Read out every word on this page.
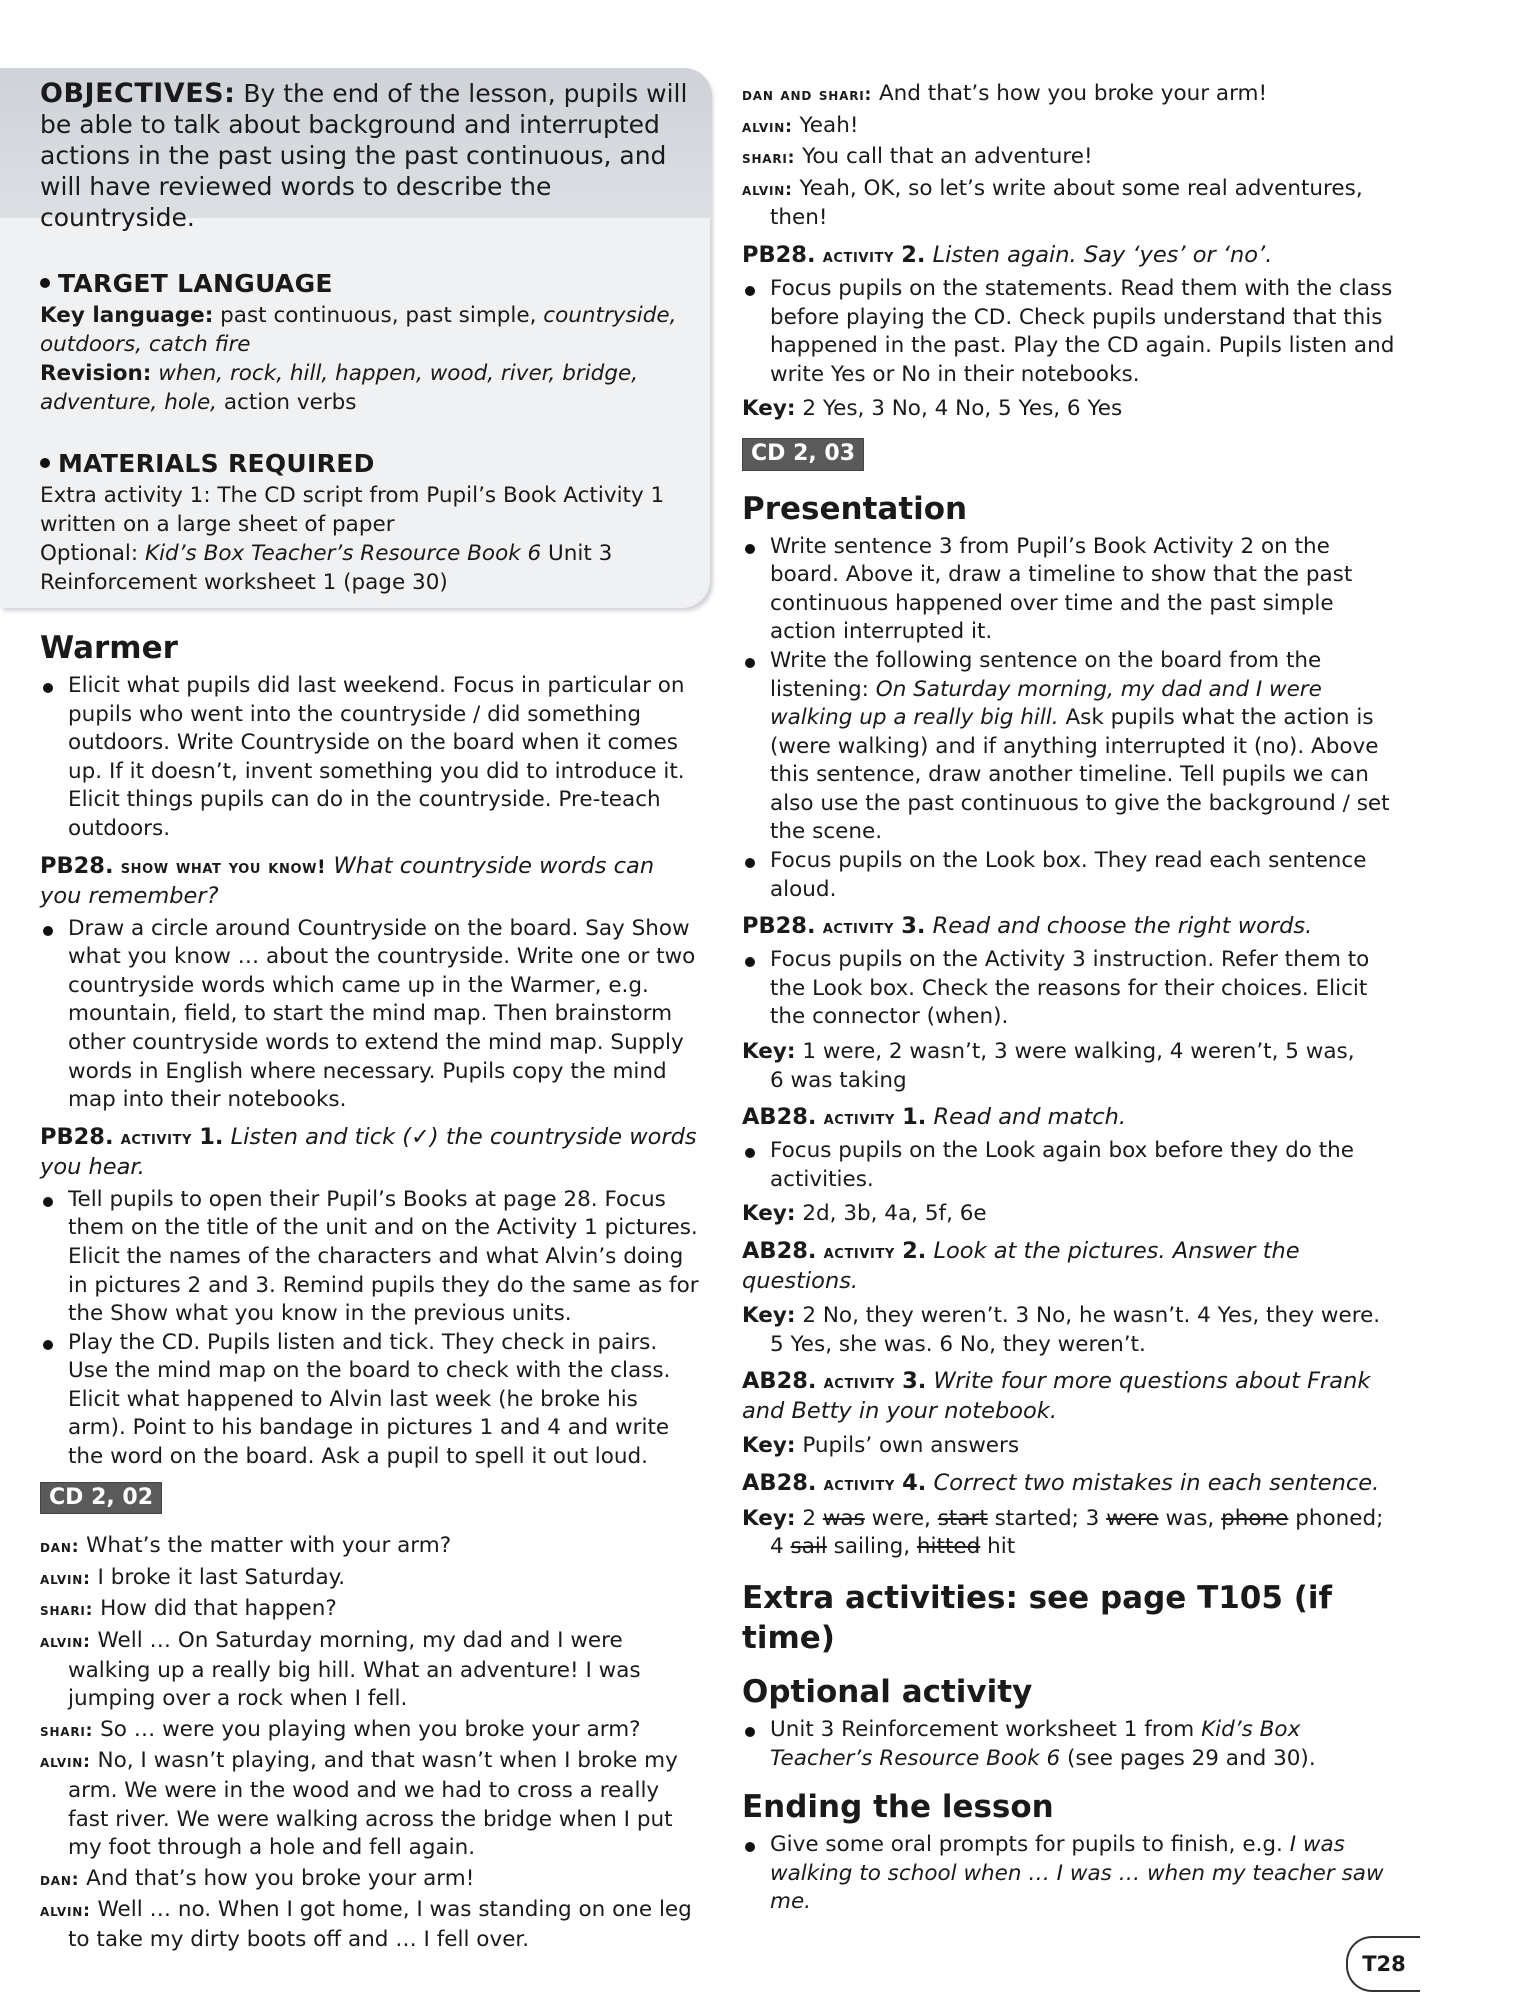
OBJECTIVES: By the end of the lesson, pupils will be able to talk about background and interrupted actions in the past using the past continuous, and will have reviewed words to describe the countryside.

TARGET LANGUAGE

Key language: past continuous, past simple, countryside, outdoors, catch fire

Revision: when, rock, hill, happen, wood, river, bridge, adventure, hole, action verbs

MATERIALS REQUIRED

Extra activity 1: The CD script from Pupil’s Book Activity 1 written on a large sheet of paper

Optional: Kid’s Box Teacher’s Resource Book 6 Unit 3 Reinforcement worksheet 1 (page 30)

Warmer
Elicit what pupils did last weekend. Focus in particular on pupils who went into the countryside / did something outdoors. Write Countryside on the board when it comes up. If it doesn’t, invent something you did to introduce it. Elicit things pupils can do in the countryside. Pre-teach outdoors.

PB28. show what you know! What countryside words can you remember?

Draw a circle around Countryside on the board. Say Show what you know … about the countryside. Write one or two countryside words which came up in the Warmer, e.g. mountain, field, to start the mind map. Then brainstorm other countryside words to extend the mind map. Supply words in English where necessary. Pupils copy the mind map into their notebooks.

PB28. activity 1. Listen and tick (✓) the countryside words you hear.

Tell pupils to open their Pupil’s Books at page 28. Focus them on the title of the unit and on the Activity 1 pictures. Elicit the names of the characters and what Alvin’s doing in pictures 2 and 3. Remind pupils they do the same as for the Show what you know in the previous units.
Play the CD. Pupils listen and tick. They check in pairs. Use the mind map on the board to check with the class. Elicit what happened to Alvin last week (he broke his arm). Point to his bandage in pictures 1 and 4 and write the word on the board. Ask a pupil to spell it out loud.
CD 2, 02

dan: What’s the matter with your arm?

alvin: I broke it last Saturday.

shari: How did that happen?

alvin: Well … On Saturday morning, my dad and I were walking up a really big hill. What an adventure! I was jumping over a rock when I fell.

shari: So … were you playing when you broke your arm?

alvin: No, I wasn’t playing, and that wasn’t when I broke my arm. We were in the wood and we had to cross a really fast river. We were walking across the bridge when I put my foot through a hole and fell again.

dan: And that’s how you broke your arm!

alvin: Well … no. When I got home, I was standing on one leg to take my dirty boots off and … I fell over.

dan and shari: And that’s how you broke your arm!

alvin: Yeah!

shari: You call that an adventure!

alvin: Yeah, OK, so let’s write about some real adventures, then!

PB28. activity 2. Listen again. Say ‘yes’ or ‘no’.

Focus pupils on the statements. Read them with the class before playing the CD. Check pupils understand that this happened in the past. Play the CD again. Pupils listen and write Yes or No in their notebooks.

Key: 2 Yes, 3 No, 4 No, 5 Yes, 6 Yes

CD 2, 03
Presentation
Write sentence 3 from Pupil’s Book Activity 2 on the board. Above it, draw a timeline to show that the past continuous happened over time and the past simple action interrupted it.
Write the following sentence on the board from the listening: On Saturday morning, my dad and I were walking up a really big hill. Ask pupils what the action is (were walking) and if anything interrupted it (no). Above this sentence, draw another timeline. Tell pupils we can also use the past continuous to give the background / set the scene.
Focus pupils on the Look box. They read each sentence aloud.

PB28. activity 3. Read and choose the right words.

Focus pupils on the Activity 3 instruction. Refer them to the Look box. Check the reasons for their choices. Elicit the connector (when).

Key: 1 were, 2 wasn’t, 3 were walking, 4 weren’t, 5 was,
6 was taking

AB28. activity 1. Read and match.

Focus pupils on the Look again box before they do the activities.

Key: 2d, 3b, 4a, 5f, 6e

AB28. activity 2. Look at the pictures. Answer the questions.

Key: 2 No, they weren’t. 3 No, he wasn’t. 4 Yes, they were.
5 Yes, she was. 6 No, they weren’t.

AB28. activity 3. Write four more questions about Frank and Betty in your notebook.

Key: Pupils’ own answers

AB28. activity 4. Correct two mistakes in each sentence.

Key: 2 was were, start started; 3 were was, phone phoned;
4 sail sailing, hitted hit

Extra activities: see page T105 (if time)
Optional activity
Unit 3 Reinforcement worksheet 1 from Kid’s Box Teacher’s Resource Book 6 (see pages 29 and 30).
Ending the lesson
Give some oral prompts for pupils to finish, e.g. I was walking to school when … I was … when my teacher saw me.
T28
